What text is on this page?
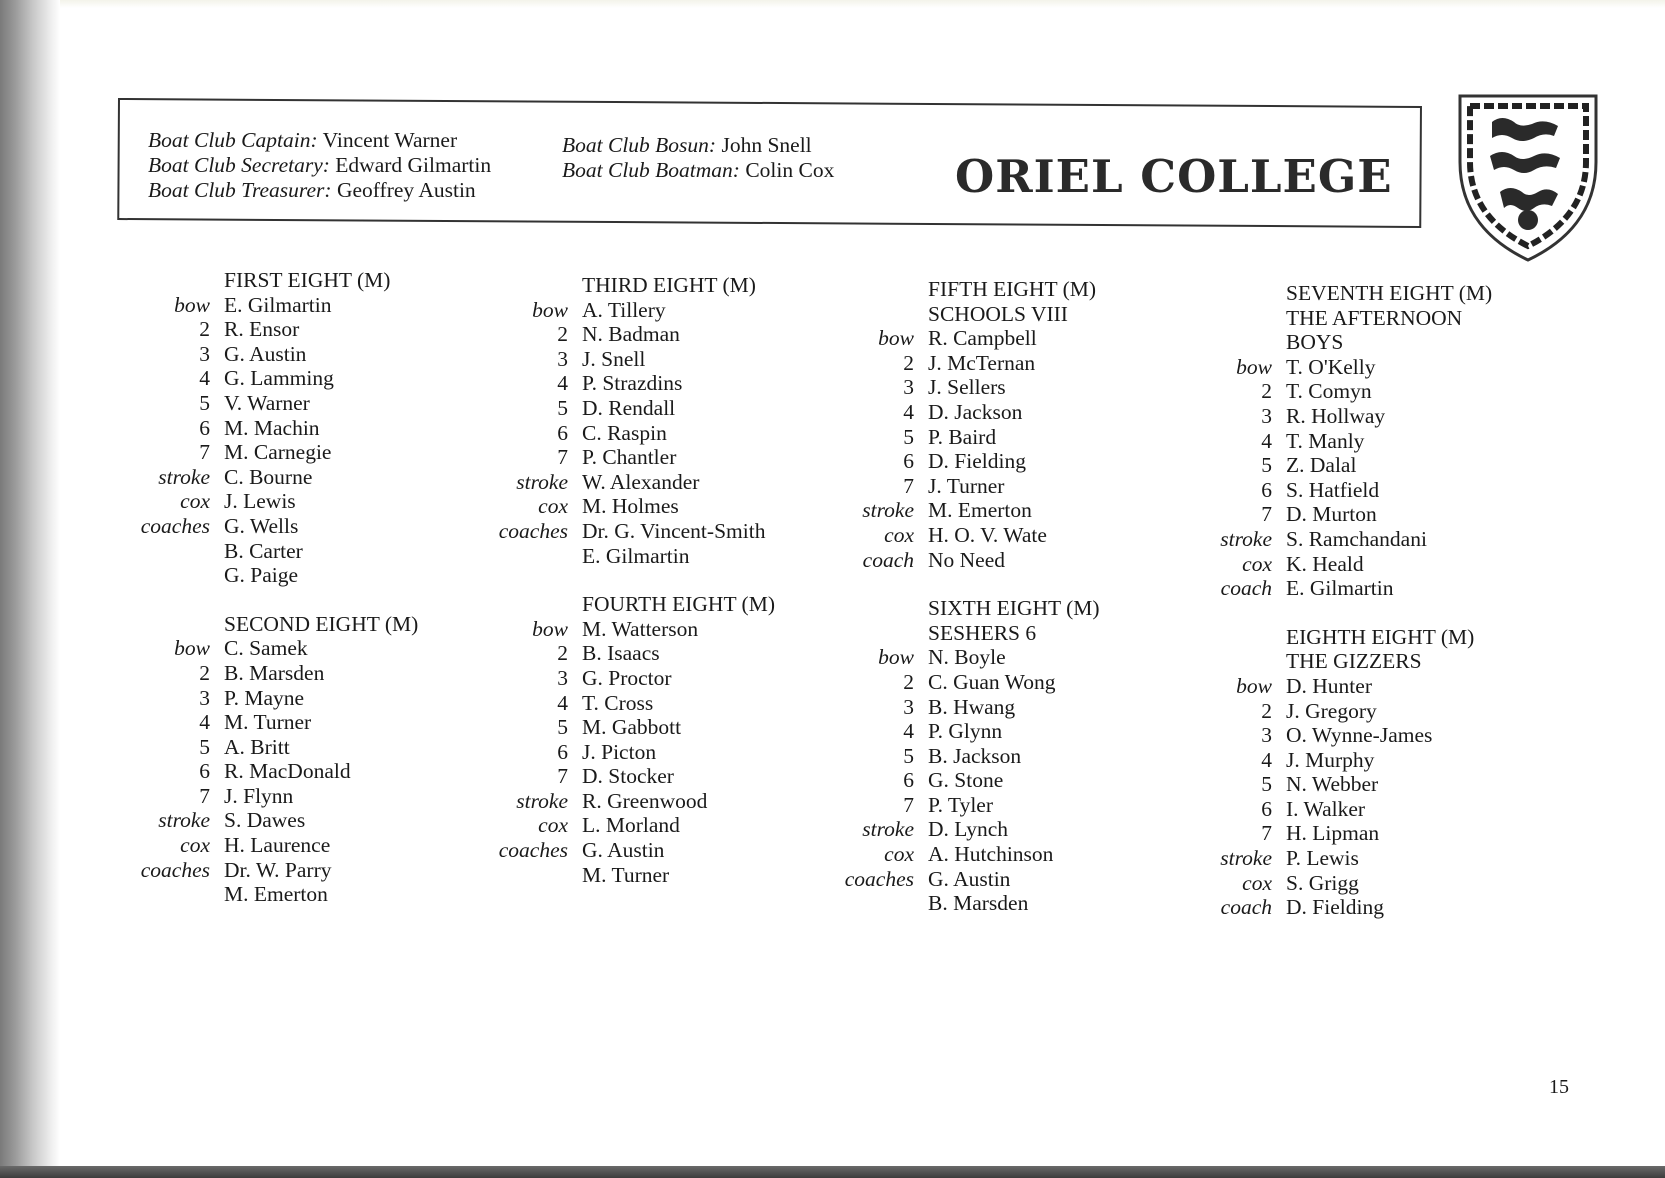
Boat Club Captain: Vincent Warner
Boat Club Secretary: Edward Gilmartin
Boat Club Treasurer: Geoffrey Austin
Boat Club Bosun: John Snell
Boat Club Boatman: Colin Cox	ORIEL COLLEGE
FIRST EIGHT (M)
bow E. Gilmartin
2 R. Ensor
3 G. Austin
4 G. Lamming
5 V. Warner
6 M. Machin
7 M. Carnegie
stroke C. Bourne
cox J. Lewis
coaches G. Wells
B. Carter
G. Paige
SECOND EIGHT (M)
bow C. Samek
2 B. Marsden
3 P. Mayne
4 M. Turner
5 A. Britt
6 R. MacDonald
7 J. Flynn
stroke S. Dawes
cox H. Laurence
coaches Dr. W. Parry
M. Emerton
THIRD EIGHT (M)
bow A. Tillery
2 N. Badman
3 J. Snell
4 P. Strazdins
5 D. Rendall
6 C. Raspin
7 P. Chantler
stroke W. Alexander
cox M. Holmes
coaches Dr. G. Vincent-Smith
E. Gilmartin
FOURTH EIGHT (M)
bow M. Watterson
2 B. Isaacs
3 G. Proctor
4 T. Cross
5 M. Gabbott
6 J. Picton
7 D. Stocker
stroke R. Greenwood
cox L. Morland
coaches G. Austin
M. Turner
FIFTH EIGHT (M)
SCHOOLS VIII
bow R. Campbell
2 J. McTernan
3 J. Sellers
4 D. Jackson
5 P. Baird
6 D. Fielding
7 J. Turner
stroke M. Emerton
cox H. O. V. Wate
coach No Need
SIXTH EIGHT (M)
SESHERS 6
bow N. Boyle
2 C. Guan Wong
3 B. Hwang
4 P. Glynn
5 B. Jackson
6 G. Stone
7 P. Tyler
stroke D. Lynch
cox A. Hutchinson
coaches G. Austin
B. Marsden
SEVENTH EIGHT (M)
THE AFTERNOON
BOYS
bow T. O'Kelly
2 T. Comyn
3 R. Hollway
4 T. Manly
5 Z. Dalal
6 S. Hatfield
7 D. Murton
stroke S. Ramchandani
cox K. Heald
coach E. Gilmartin
EIGHTH EIGHT (M)
THE GIZZERS
bow D. Hunter
2 J. Gregory
3 O. Wynne-James
4 J. Murphy
5 N. Webber
6 I. Walker
7 H. Lipman
stroke P. Lewis
cox S. Grigg
coach D. Fielding
15
